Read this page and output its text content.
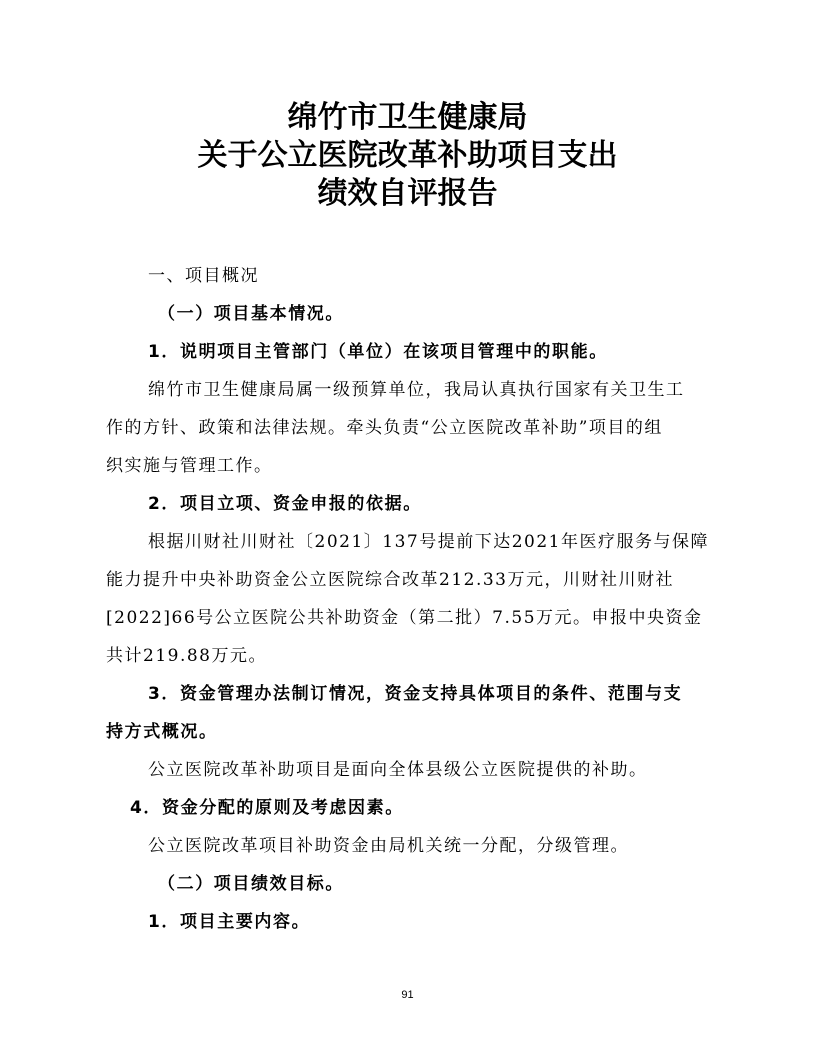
绵竹市卫生健康局
关于公立医院改革补助项目支出
绩效自评报告
一、项目概况
（一）项目基本情况。
1．说明项目主管部门（单位）在该项目管理中的职能。
绵竹市卫生健康局属一级预算单位，我局认真执行国家有关卫生工
作的方针、政策和法律法规。牵头负责“公立医院改革补助”项目的组
织实施与管理工作。
2．项目立项、资金申报的依据。
根据川财社川财社〔2021〕137号提前下达2021年医疗服务与保障
能力提升中央补助资金公立医院综合改革212.33万元，川财社川财社
[2022]66号公立医院公共补助资金（第二批）7.55万元。申报中央资金
共计219.88万元。
3．资金管理办法制订情况，资金支持具体项目的条件、范围与支
持方式概况。
公立医院改革补助项目是面向全体县级公立医院提供的补助。
4．资金分配的原则及考虑因素。
公立医院改革项目补助资金由局机关统一分配，分级管理。
（二）项目绩效目标。
1．项目主要内容。
91
